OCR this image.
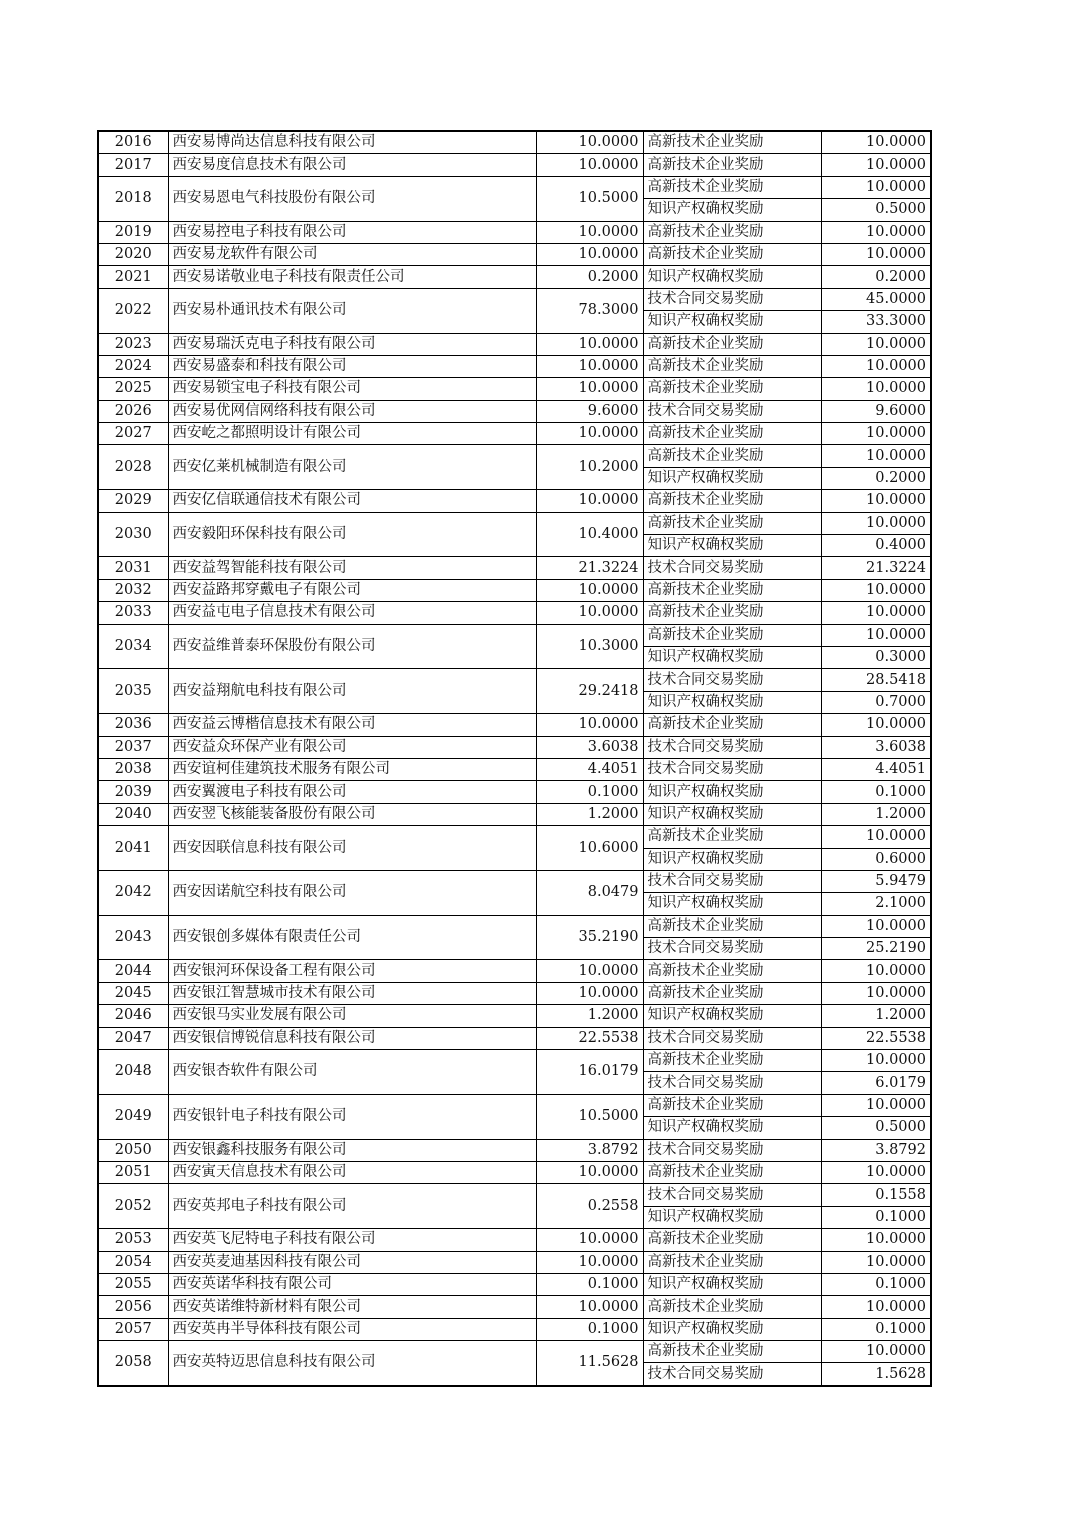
2016	西安易博尚达信息科技有限公司	10.0000	高新技术企业奖励	10.0000
2017	西安易度信息技术有限公司	10.0000	高新技术企业奖励	10.0000
2018	西安易恩电气科技股份有限公司	10.5000	高新技术企业奖励	10.0000
			知识产权确权奖励	0.5000
2019	西安易控电子科技有限公司	10.0000	高新技术企业奖励	10.0000
2020	西安易龙软件有限公司	10.0000	高新技术企业奖励	10.0000
2021	西安易诺敬业电子科技有限责任公司	0.2000	知识产权确权奖励	0.2000
2022	西安易朴通讯技术有限公司	78.3000	技术合同交易奖励	45.0000
			知识产权确权奖励	33.3000
2023	西安易瑞沃克电子科技有限公司	10.0000	高新技术企业奖励	10.0000
2024	西安易盛泰和科技有限公司	10.0000	高新技术企业奖励	10.0000
2025	西安易锁宝电子科技有限公司	10.0000	高新技术企业奖励	10.0000
2026	西安易优网信网络科技有限公司	9.6000	技术合同交易奖励	9.6000
2027	西安屹之都照明设计有限公司	10.0000	高新技术企业奖励	10.0000
2028	西安亿莱机械制造有限公司	10.2000	高新技术企业奖励	10.0000
			知识产权确权奖励	0.2000
2029	西安亿信联通信技术有限公司	10.0000	高新技术企业奖励	10.0000
2030	西安毅阳环保科技有限公司	10.4000	高新技术企业奖励	10.0000
			知识产权确权奖励	0.4000
2031	西安益驾智能科技有限公司	21.3224	技术合同交易奖励	21.3224
2032	西安益路邦穿戴电子有限公司	10.0000	高新技术企业奖励	10.0000
2033	西安益屯电子信息技术有限公司	10.0000	高新技术企业奖励	10.0000
2034	西安益维普泰环保股份有限公司	10.3000	高新技术企业奖励	10.0000
			知识产权确权奖励	0.3000
2035	西安益翔航电科技有限公司	29.2418	技术合同交易奖励	28.5418
			知识产权确权奖励	0.7000
2036	西安益云博楷信息技术有限公司	10.0000	高新技术企业奖励	10.0000
2037	西安益众环保产业有限公司	3.6038	技术合同交易奖励	3.6038
2038	西安谊柯佳建筑技术服务有限公司	4.4051	技术合同交易奖励	4.4051
2039	西安翼渡电子科技有限公司	0.1000	知识产权确权奖励	0.1000
2040	西安翌飞核能装备股份有限公司	1.2000	知识产权确权奖励	1.2000
2041	西安因联信息科技有限公司	10.6000	高新技术企业奖励	10.0000
			知识产权确权奖励	0.6000
2042	西安因诺航空科技有限公司	8.0479	技术合同交易奖励	5.9479
			知识产权确权奖励	2.1000
2043	西安银创多媒体有限责任公司	35.2190	高新技术企业奖励	10.0000
			技术合同交易奖励	25.2190
2044	西安银河环保设备工程有限公司	10.0000	高新技术企业奖励	10.0000
2045	西安银江智慧城市技术有限公司	10.0000	高新技术企业奖励	10.0000
2046	西安银马实业发展有限公司	1.2000	知识产权确权奖励	1.2000
2047	西安银信博锐信息科技有限公司	22.5538	技术合同交易奖励	22.5538
2048	西安银杏软件有限公司	16.0179	高新技术企业奖励	10.0000
			技术合同交易奖励	6.0179
2049	西安银针电子科技有限公司	10.5000	高新技术企业奖励	10.0000
			知识产权确权奖励	0.5000
2050	西安银鑫科技服务有限公司	3.8792	技术合同交易奖励	3.8792
2051	西安寅天信息技术有限公司	10.0000	高新技术企业奖励	10.0000
2052	西安英邦电子科技有限公司	0.2558	技术合同交易奖励	0.1558
			知识产权确权奖励	0.1000
2053	西安英飞尼特电子科技有限公司	10.0000	高新技术企业奖励	10.0000
2054	西安英麦迪基因科技有限公司	10.0000	高新技术企业奖励	10.0000
2055	西安英诺华科技有限公司	0.1000	知识产权确权奖励	0.1000
2056	西安英诺维特新材料有限公司	10.0000	高新技术企业奖励	10.0000
2057	西安英冉半导体科技有限公司	0.1000	知识产权确权奖励	0.1000
2058	西安英特迈思信息科技有限公司	11.5628	高新技术企业奖励	10.0000
			技术合同交易奖励	1.5628
